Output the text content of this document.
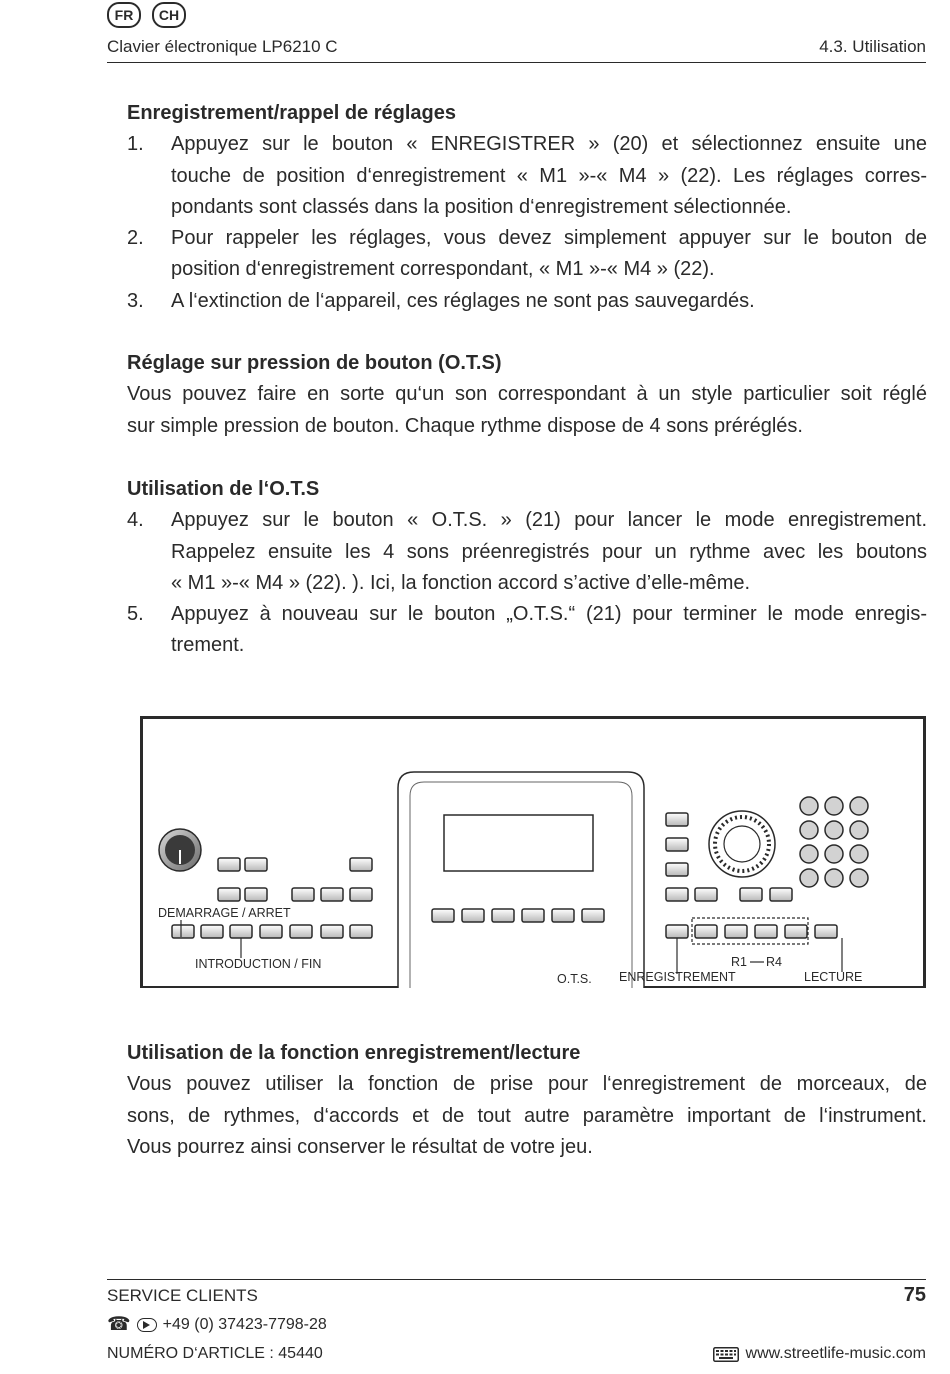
FR	CH
Clavier électronique LP6210 C	4.3. Utilisation
Enregistrement/rappel de réglages
1. Appuyez sur le bouton « ENREGISTRER » (20) et sélectionnez ensuite une
touche de position d‘enregistrement « M1 »-« M4 » (22). Les réglages corres-
pondants sont classés dans la position d‘enregistrement sélectionnée.
2. Pour rappeler les réglages, vous devez simplement appuyer sur le bouton de
position d‘enregistrement correspondant, « M1 »-« M4 » (22).
3. A l‘extinction de l‘appareil, ces réglages ne sont pas sauvegardés.
Réglage sur pression de bouton (O.T.S)
Vous pouvez faire en sorte qu‘un son correspondant à un style particulier soit réglé
sur simple pression de bouton. Chaque rythme dispose de 4 sons préréglés.
Utilisation de l‘O.T.S
4. Appuyez sur le bouton « O.T.S. » (21) pour lancer le mode enregistrement.
Rappelez ensuite les 4 sons préenregistrés pour un rythme avec les boutons
« M1 »-« M4 » (22). ). Ici, la fonction accord s’active d’elle-même.
5. Appuyez à nouveau sur le bouton „O.T.S.“ (21) pour terminer le mode enregis-
trement.
DEMARRAGE / ARRET
INTRODUCTION / FIN
O.T.S. ENREGISTREMENT
R1 R4
LECTURE
Utilisation de la fonction enregistrement/lecture
Vous pouvez utiliser la fonction de prise pour l‘enregistrement de morceaux, de
sons, de rythmes, d‘accords et de tout autre paramètre important de l‘instrument.
Vous pourrez ainsi conserver le résultat de votre jeu.
SERVICE CLIENTS	75
☎ +49 (0) 37423-7798-28
NUMÉRO D‘ARTICLE : 45440	www.streetlife-music.com
